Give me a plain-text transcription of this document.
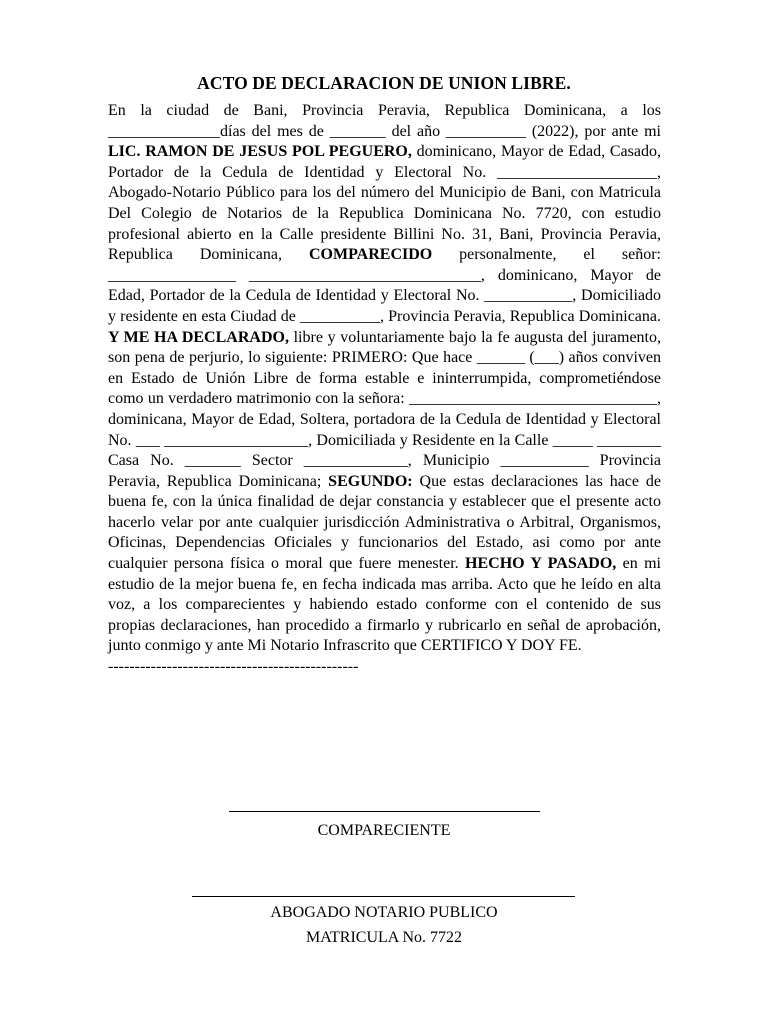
ACTO DE DECLARACION DE UNION LIBRE.

En la ciudad de Bani, Provincia Peravia, Republica Dominicana, a los ______________días del mes de _______ del año __________ (2022), por ante mi LIC. RAMON DE JESUS POL PEGUERO, dominicano, Mayor de Edad, Casado, Portador de la Cedula de Identidad y Electoral No. ____________________, Abogado-Notario Público para los del número del Municipio de Bani, con Matricula Del Colegio de Notarios de la Republica Dominicana No. 7720, con estudio profesional abierto en la Calle presidente Billini No. 31, Bani, Provincia Peravia, Republica Dominicana, COMPARECIDO personalmente, el señor: ________________ _____________________________, dominicano, Mayor de Edad, Portador de la Cedula de Identidad y Electoral No. ___________, Domiciliado y residente en esta Ciudad de __________, Provincia Peravia, Republica Dominicana. Y ME HA DECLARADO, libre y voluntariamente bajo la fe augusta del juramento, son pena de perjurio, lo siguiente: PRIMERO: Que hace ______ (___) años conviven en Estado de Unión Libre de forma estable e ininterrumpida, comprometiéndose como un verdadero matrimonio con la señora: _______________________________, dominicana, Mayor de Edad, Soltera, portadora de la Cedula de Identidad y Electoral No. ___ __________________, Domiciliada y Residente en la Calle _____ ________ Casa No. _______ Sector _____________, Municipio ___________ Provincia Peravia, Republica Dominicana; SEGUNDO: Que estas declaraciones las hace de buena fe, con la única finalidad de dejar constancia y establecer que el presente acto hacerlo velar por ante cualquier jurisdicción Administrativa o Arbitral, Organismos, Oficinas, Dependencias Oficiales y funcionarios del Estado, asi como por ante cualquier persona física o moral que fuere menester. HECHO Y PASADO, en mi estudio de la mejor buena fe, en fecha indicada mas arriba. Acto que he leído en alta voz, a los comparecientes y habiendo estado conforme con el contenido de sus propias declaraciones, han procedido a firmarlo y rubricarlo en señal de aprobación, junto conmigo y ante Mi Notario Infrascrito que CERTIFICO Y DOY FE.
-----------------------------------------------

COMPARECIENTE
ABOGADO NOTARIO PUBLICO
MATRICULA No. 7722
